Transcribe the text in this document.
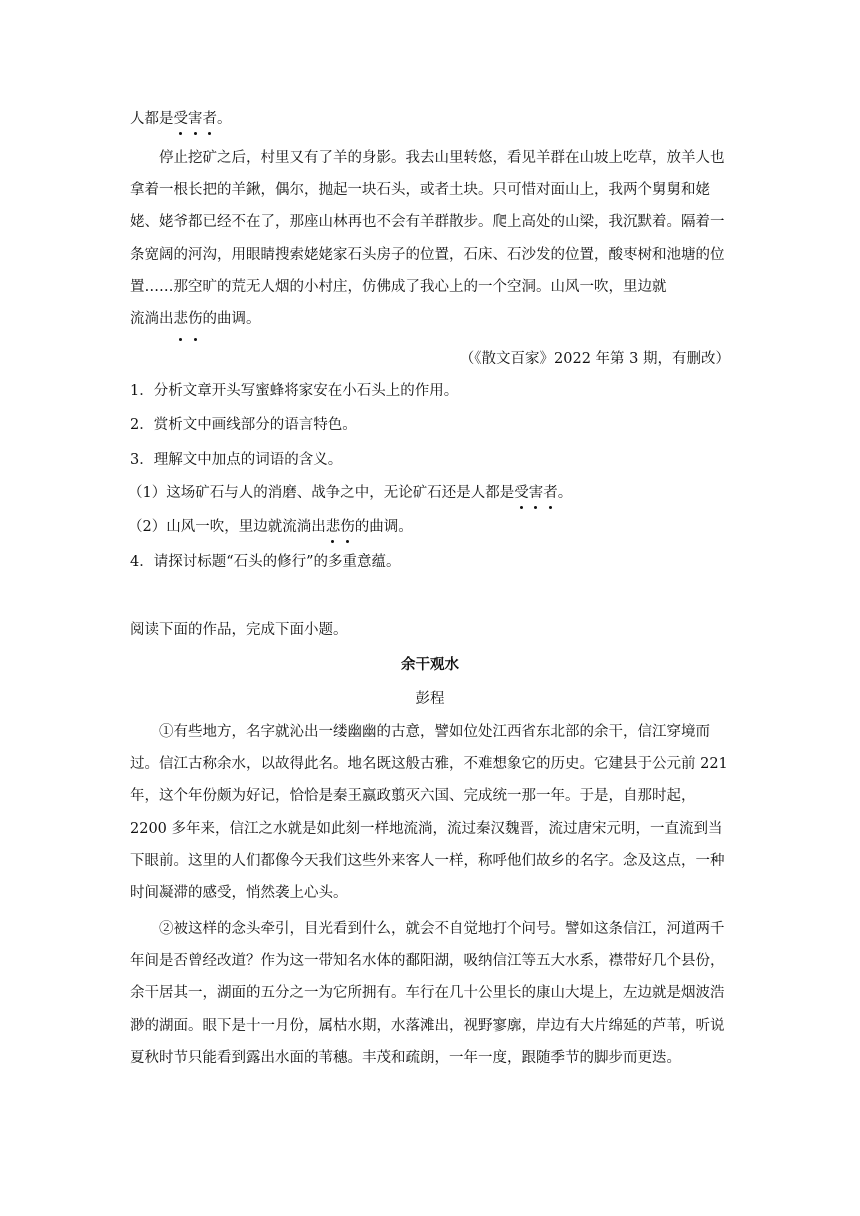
人都是受害者。
停止挖矿之后，村里又有了羊的身影。我去山里转悠，看见羊群在山坡上吃草，放羊人也拿着一根长把的羊鍬，偶尔，抛起一块石头，或者土块。只可惜对面山上，我两个舅舅和姥姥、姥爷都已经不在了，那座山林再也不会有羊群散步。爬上高处的山梁，我沉默着。隔着一条宽阔的河沟，用眼睛搜索姥姥家石头房子的位置，石床、石沙发的位置，酸枣树和池塘的位置……那空旷的荒无人烟的小村庄，仿佛成了我心上的一个空洞。山风一吹，里边就
流淌出悲伤的曲调。
（《散文百家》2022 年第 3 期，有删改）
1．分析文章开头写蜜蜂将家安在小石头上的作用。
2．赏析文中画线部分的语言特色。
3．理解文中加点的词语的含义。
（1）这场矿石与人的消磨、战争之中，无论矿石还是人都是受害者。
（2）山风一吹，里边就流淌出悲伤的曲调。
4．请探讨标题“石头的修行”的多重意蕴。
阅读下面的作品，完成下面小题。
余干观水
彭程
①有些地方，名字就沁出一缕幽幽的古意，譬如位处江西省东北部的余干，信江穿境而过。信江古称余水，以故得此名。地名既这般古雅，不难想象它的历史。它建县于公元前 221 年，这个年份颇为好记，恰恰是秦王嬴政翦灭六国、完成统一那一年。于是，自那时起，2200 多年来，信江之水就是如此刻一样地流淌，流过秦汉魏晋，流过唐宋元明，一直流到当下眼前。这里的人们都像今天我们这些外来客人一样，称呼他们故乡的名字。念及这点，一种时间凝滞的感受，悄然袭上心头。
②被这样的念头牵引，目光看到什么，就会不自觉地打个问号。譬如这条信江，河道两千年间是否曾经改道？作为这一带知名水体的鄱阳湖，吸纳信江等五大水系，襟带好几个县份，余干居其一，湖面的五分之一为它所拥有。车行在几十公里长的康山大堤上，左边就是烟波浩渺的湖面。眼下是十一月份，属枯水期，水落滩出，视野寥廓，岸边有大片绵延的芦苇，听说夏秋时节只能看到露出水面的苇穗。丰茂和疏朗，一年一度，跟随季节的脚步而更迭。
